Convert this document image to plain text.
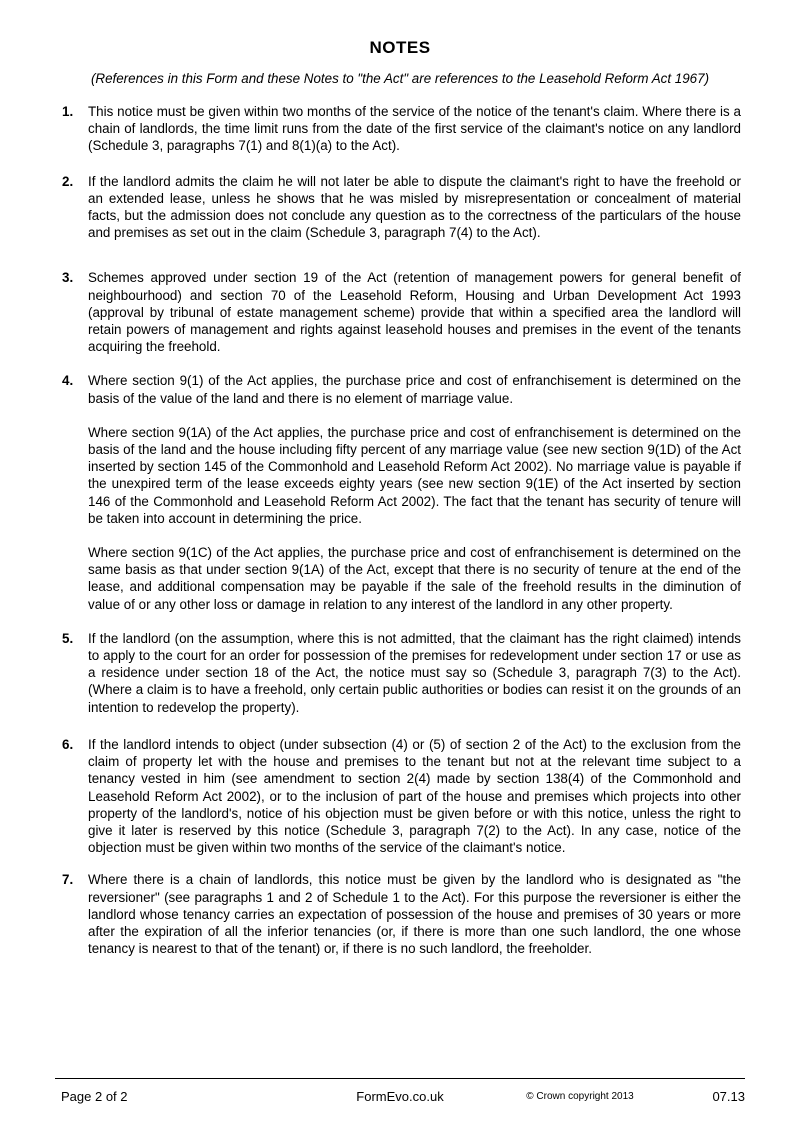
NOTES

(References in this Form and these Notes to "the Act" are references to the Leasehold Reform Act 1967)

1.	This notice must be given within two months of the service of the notice of the tenant's claim. Where there is a chain of landlords, the time limit runs from the date of the first service of the claimant's notice on any landlord (Schedule 3, paragraphs 7(1) and 8(1)(a) to the Act).

2.	If the landlord admits the claim he will not later be able to dispute the claimant's right to have the freehold or an extended lease, unless he shows that he was misled by misrepresentation or concealment of material facts, but the admission does not conclude any question as to the correctness of the particulars of the house and premises as set out in the claim (Schedule 3, paragraph 7(4) to the Act).

3.	Schemes approved under section 19 of the Act (retention of management powers for general benefit of neighbourhood) and section 70 of the Leasehold Reform, Housing and Urban Development Act 1993 (approval by tribunal of estate management scheme) provide that within a specified area the landlord will retain powers of management and rights against leasehold houses and premises in the event of the tenants acquiring the freehold.

4.	Where section 9(1) of the Act applies, the purchase price and cost of enfranchisement is determined on the basis of the value of the land and there is no element of marriage value.

Where section 9(1A) of the Act applies, the purchase price and cost of enfranchisement is determined on the basis of the land and the house including fifty percent of any marriage value (see new section 9(1D) of the Act inserted by section 145 of the Commonhold and Leasehold Reform Act 2002). No marriage value is payable if the unexpired term of the lease exceeds eighty years (see new section 9(1E) of the Act inserted by section 146 of the Commonhold and Leasehold Reform Act 2002). The fact that the tenant has security of tenure will be taken into account in determining the price.

Where section 9(1C) of the Act applies, the purchase price and cost of enfranchisement is determined on the same basis as that under section 9(1A) of the Act, except that there is no security of tenure at the end of the lease, and additional compensation may be payable if the sale of the freehold results in the diminution of value of or any other loss or damage in relation to any interest of the landlord in any other property.

5.	If the landlord (on the assumption, where this is not admitted, that the claimant has the right claimed) intends to apply to the court for an order for possession of the premises for redevelopment under section 17 or use as a residence under section 18 of the Act, the notice must say so (Schedule 3, paragraph 7(3) to the Act). (Where a claim is to have a freehold, only certain public authorities or bodies can resist it on the grounds of an intention to redevelop the property).

6.	If the landlord intends to object (under subsection (4) or (5) of section 2 of the Act) to the exclusion from the claim of property let with the house and premises to the tenant but not at the relevant time subject to a tenancy vested in him (see amendment to section 2(4) made by section 138(4) of the Commonhold and Leasehold Reform Act 2002), or to the inclusion of part of the house and premises which projects into other property of the landlord's, notice of his objection must be given before or with this notice, unless the right to give it later is reserved by this notice (Schedule 3, paragraph 7(2) to the Act). In any case, notice of the objection must be given within two months of the service of the claimant's notice.

7.	Where there is a chain of landlords, this notice must be given by the landlord who is designated as "the reversioner" (see paragraphs 1 and 2 of Schedule 1 to the Act). For this purpose the reversioner is either the landlord whose tenancy carries an expectation of possession of the house and premises of 30 years or more after the expiration of all the inferior tenancies (or, if there is more than one such landlord, the one whose tenancy is nearest to that of the tenant) or, if there is no such landlord, the freeholder.

Page 2 of 2	FormEvo.co.uk	© Crown copyright 2013	07.13
